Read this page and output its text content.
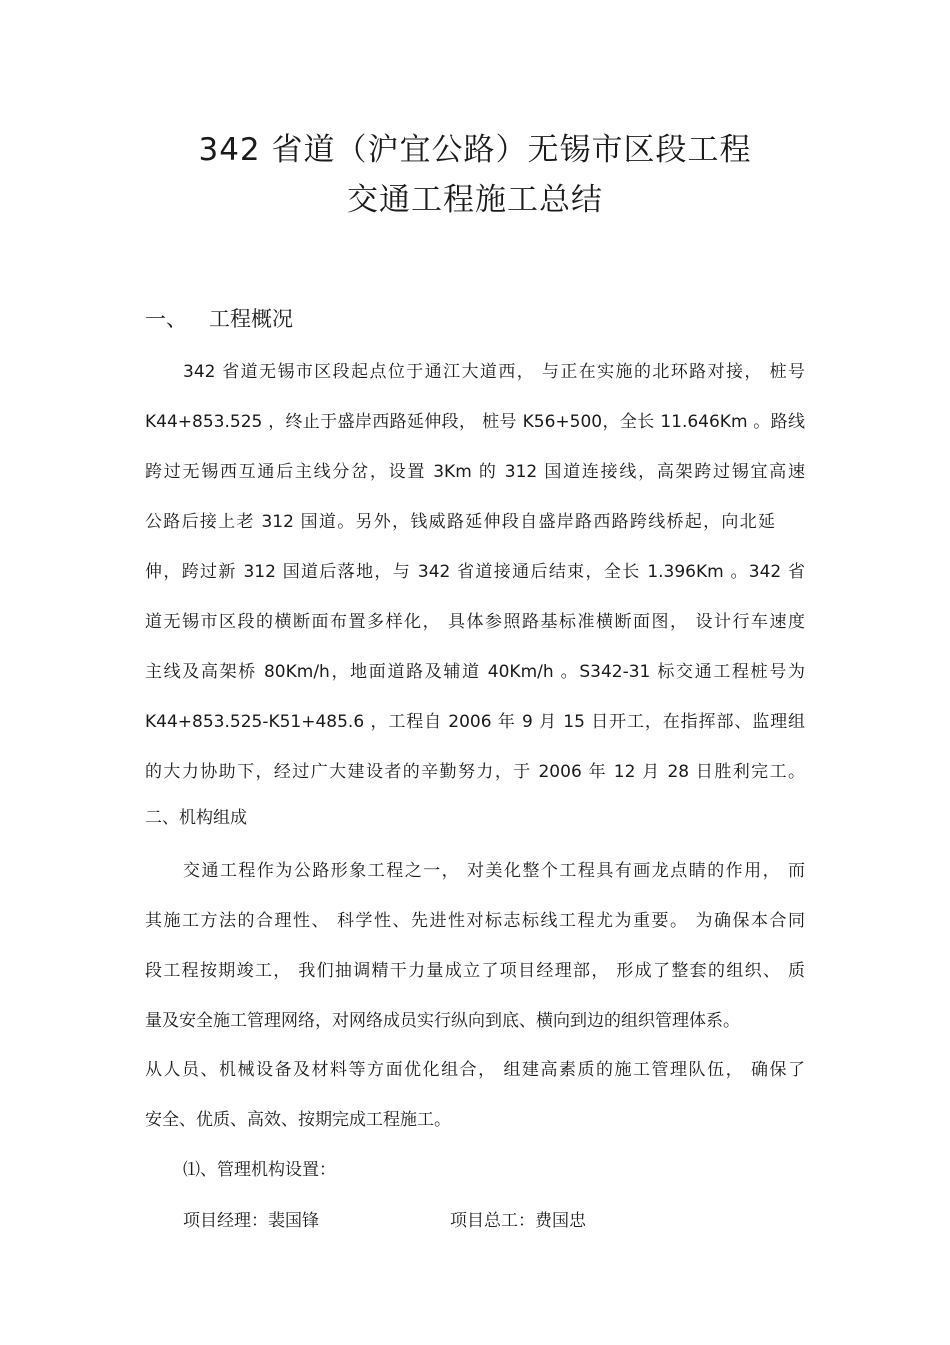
342 省道（沪宜公路）无锡市区段工程
交通工程施工总结
一、 工程概况
342 省道无锡市区段起点位于通江大道西， 与正在实施的北环路对接， 桩号
K44+853.525 ，终止于盛岸西路延伸段， 桩号 K56+500，全长 11.646Km 。路线
跨过无锡西互通后主线分岔，设置 3Km 的 312 国道连接线，高架跨过锡宜高速
公路后接上老 312 国道。另外，钱威路延伸段自盛岸路西路跨线桥起，向北延
伸，跨过新 312 国道后落地，与 342 省道接通后结束，全长 1.396Km 。342 省
道无锡市区段的横断面布置多样化， 具体参照路基标准横断面图， 设计行车速度
主线及高架桥 80Km/h，地面道路及辅道 40Km/h 。S342-31 标交通工程桩号为
K44+853.525-K51+485.6 ，工程自 2006 年 9 月 15 日开工，在指挥部、监理组
的大力协助下，经过广大建设者的辛勤努力，于 2006 年 12 月 28 日胜利完工。
二、机构组成
交通工程作为公路形象工程之一， 对美化整个工程具有画龙点睛的作用， 而
其施工方法的合理性、 科学性、先进性对标志标线工程尤为重要。 为确保本合同
段工程按期竣工， 我们抽调精干力量成立了项目经理部， 形成了整套的组织、 质
量及安全施工管理网络，对网络成员实行纵向到底、横向到边的组织管理体系。
从人员、机械设备及材料等方面优化组合， 组建高素质的施工管理队伍， 确保了
安全、优质、高效、按期完成工程施工。
⑴、管理机构设置：
项目经理：裴国锋	项目总工：费国忠
